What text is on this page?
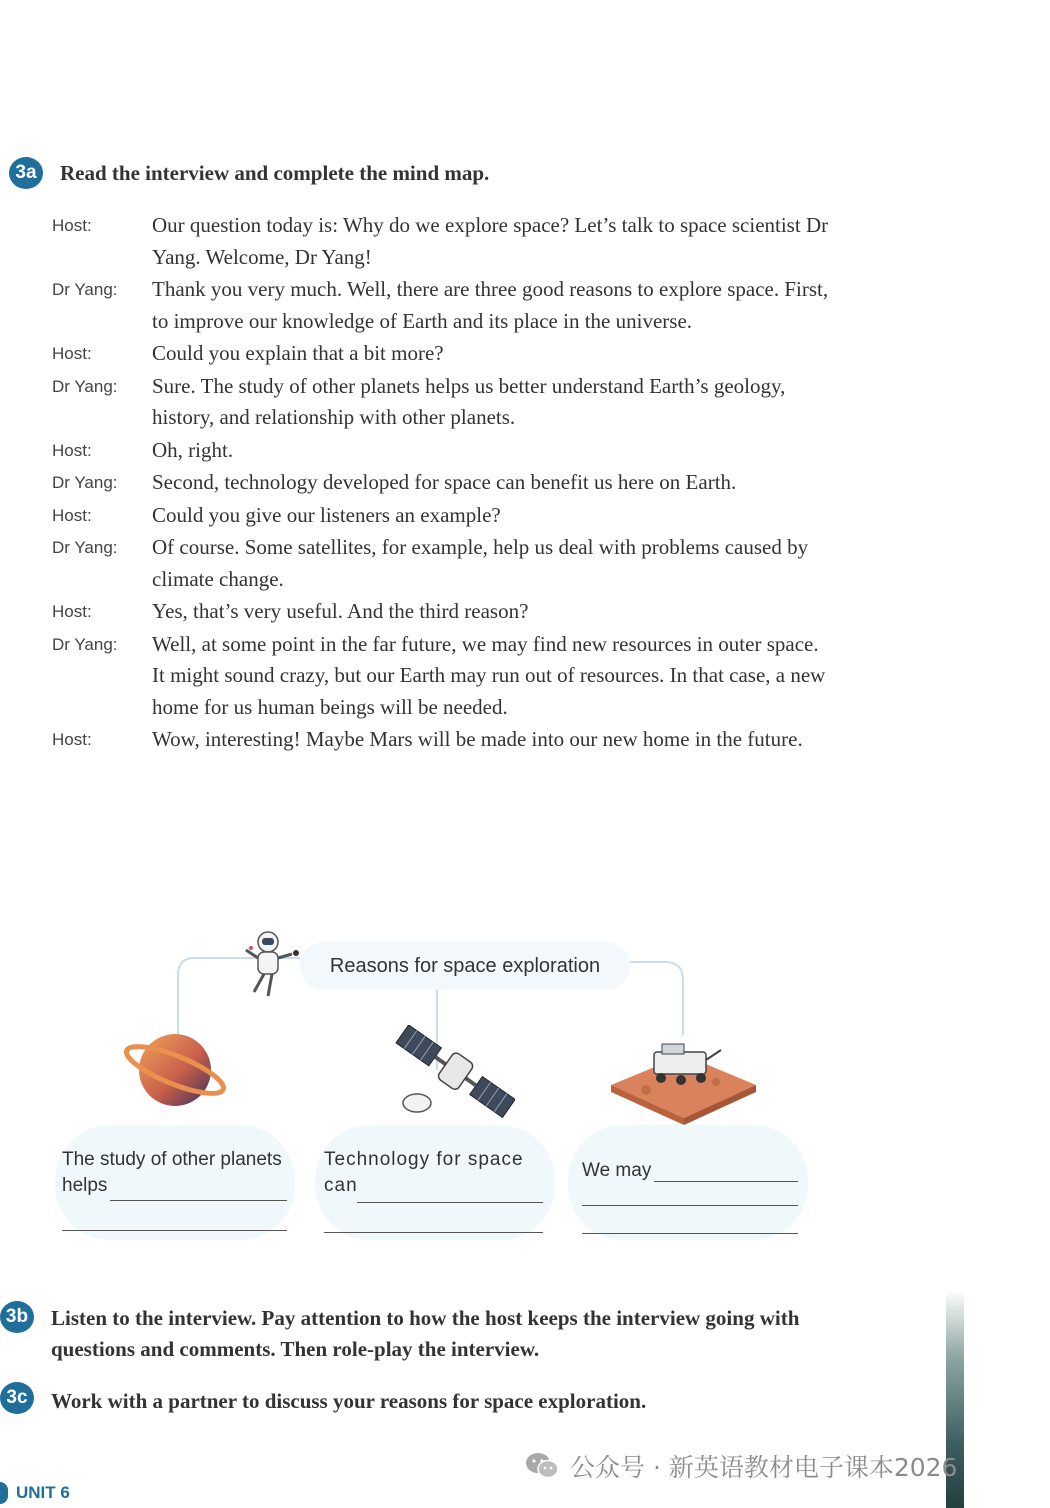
3a	Read the interview and complete the mind map.
Host:	Our question today is: Why do we explore space? Let’s talk to space scientist Dr Yang. Welcome, Dr Yang!
Dr Yang:	Thank you very much. Well, there are three good reasons to explore space. First, to improve our knowledge of Earth and its place in the universe.
Host:	Could you explain that a bit more?
Dr Yang:	Sure. The study of other planets helps us better understand Earth’s geology, history, and relationship with other planets.
Host:	Oh, right.
Dr Yang:	Second, technology developed for space can benefit us here on Earth.
Host:	Could you give our listeners an example?
Dr Yang:	Of course. Some satellites, for example, help us deal with problems caused by climate change.
Host:	Yes, that’s very useful. And the third reason?
Dr Yang:	Well, at some point in the far future, we may find new resources in outer space. It might sound crazy, but our Earth may run out of resources. In that case, a new home for us human beings will be needed.
Host:	Wow, interesting! Maybe Mars will be made into our new home in the future.
Reasons for space exploration
The study of other planets
helps
Technology for space
can
We may
3b Listen to the interview. Pay attention to how the host keeps the interview going with questions and comments. Then role-play the interview.
3c	Work with a partner to discuss your reasons for space exploration.
UNIT 6
公众号 · 新英语教材电子课本2026
